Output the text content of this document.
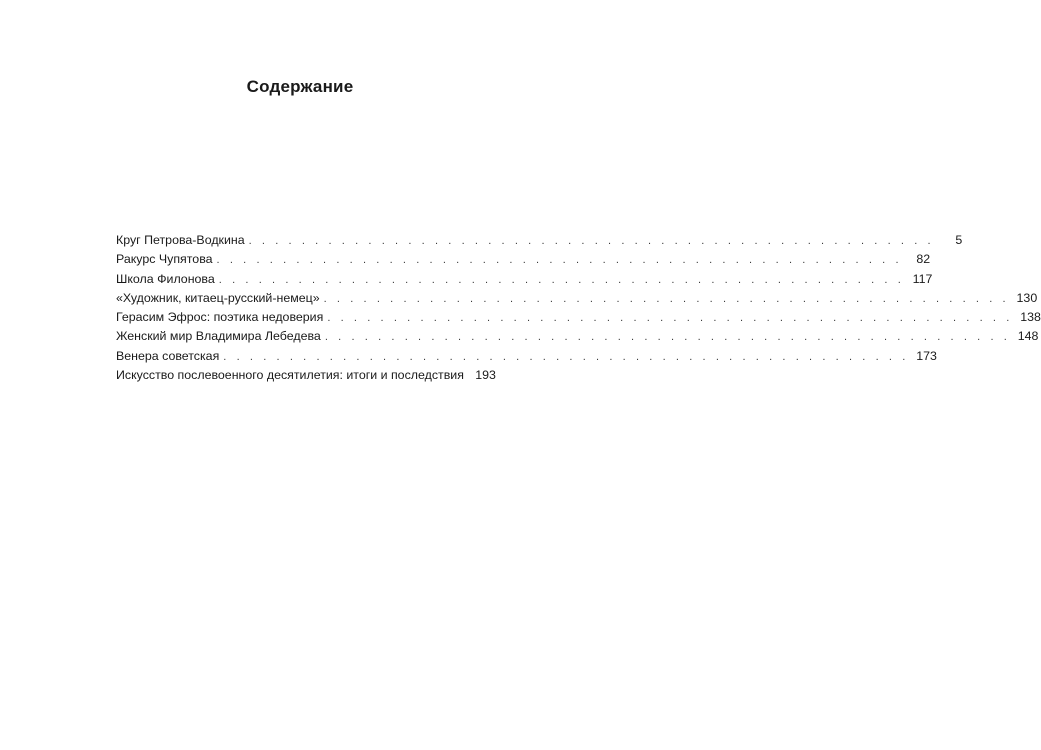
Содержание
Круг Петрова-Водкина . . . . . . . . . . . . . . . . . . . . . . . . . . . . . . . . . . . . . . . . . . . . . . . . . . . .	5
Ракурс Чупятова . . . . . . . . . . . . . . . . . . . . . . . . . . . . . . . . . . . . . . . . . . . . . . . . . . . .	82
Школа Филонова . . . . . . . . . . . . . . . . . . . . . . . . . . . . . . . . . . . . . . . . . . . . . . . . . . . . 117
«Художник, китаец-русский-немец» . . . . . . . . . . . . . . . . . . . . . . . . . . . . . . . . . . . . . . . . . . . . . . . . . . . . 130
Герасим Эфрос: поэтика недоверия . . . . . . . . . . . . . . . . . . . . . . . . . . . . . . . . . . . . . . . . . . . . . . . . . . . . 138
Женский мир Владимира Лебедева . . . . . . . . . . . . . . . . . . . . . . . . . . . . . . . . . . . . . . . . . . . . . . . . . . . . 148
Венера советская . . . . . . . . . . . . . . . . . . . . . . . . . . . . . . . . . . . . . . . . . . . . . . . . . . . . 173
Искусство послевоенного десятилетия: итоги и последствия 193
